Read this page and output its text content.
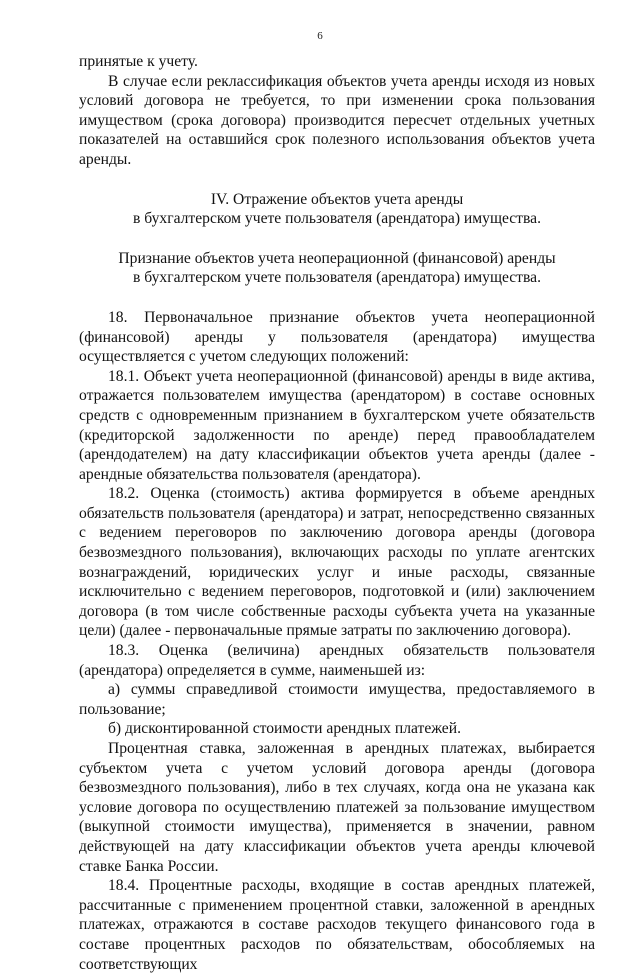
6

принятые к учету.

В случае если реклассификация объектов учета аренды исходя из новых условий договора не требуется, то при изменении срока пользования имуществом (срока договора) производится пересчет отдельных учетных показателей на оставшийся срок полезного использования объектов учета аренды.

IV. Отражение объектов учета аренды

в бухгалтерском учете пользователя (арендатора) имущества.

Признание объектов учета неоперационной (финансовой) аренды

в бухгалтерском учете пользователя (арендатора) имущества.

18. Первоначальное признание объектов учета неоперационной (финансовой) аренды у пользователя (арендатора) имущества осуществляется с учетом следующих положений:

18.1. Объект учета неоперационной (финансовой) аренды в виде актива, отражается пользователем имущества (арендатором) в составе основных средств с одновременным признанием в бухгалтерском учете обязательств (кредиторской задолженности по аренде) перед правообладателем (арендодателем) на дату классификации объектов учета аренды (далее - арендные обязательства пользователя (арендатора).

18.2. Оценка (стоимость) актива формируется в объеме арендных обязательств пользователя (арендатора) и затрат, непосредственно связанных с ведением переговоров по заключению договора аренды (договора безвозмездного пользования), включающих расходы по уплате агентских вознаграждений, юридических услуг и иные расходы, связанные исключительно с ведением переговоров, подготовкой и (или) заключением договора (в том числе собственные расходы субъекта учета на указанные цели) (далее - первоначальные прямые затраты по заключению договора).

18.3. Оценка (величина) арендных обязательств пользователя (арендатора) определяется в сумме, наименьшей из:

а) суммы справедливой стоимости имущества, предоставляемого в пользование;

б) дисконтированной стоимости арендных платежей.

Процентная ставка, заложенная в арендных платежах, выбирается субъектом учета с учетом условий договора аренды (договора безвозмездного пользования), либо в тех случаях, когда она не указана как условие договора по осуществлению платежей за пользование имуществом (выкупной стоимости имущества), применяется в значении, равном действующей на дату классификации объектов учета аренды ключевой ставке Банка России.

18.4. Процентные расходы, входящие в состав арендных платежей, рассчитанные с применением процентной ставки, заложенной в арендных платежах, отражаются в составе расходов текущего финансового года в составе процентных расходов по обязательствам, обособляемых на соответствующих
